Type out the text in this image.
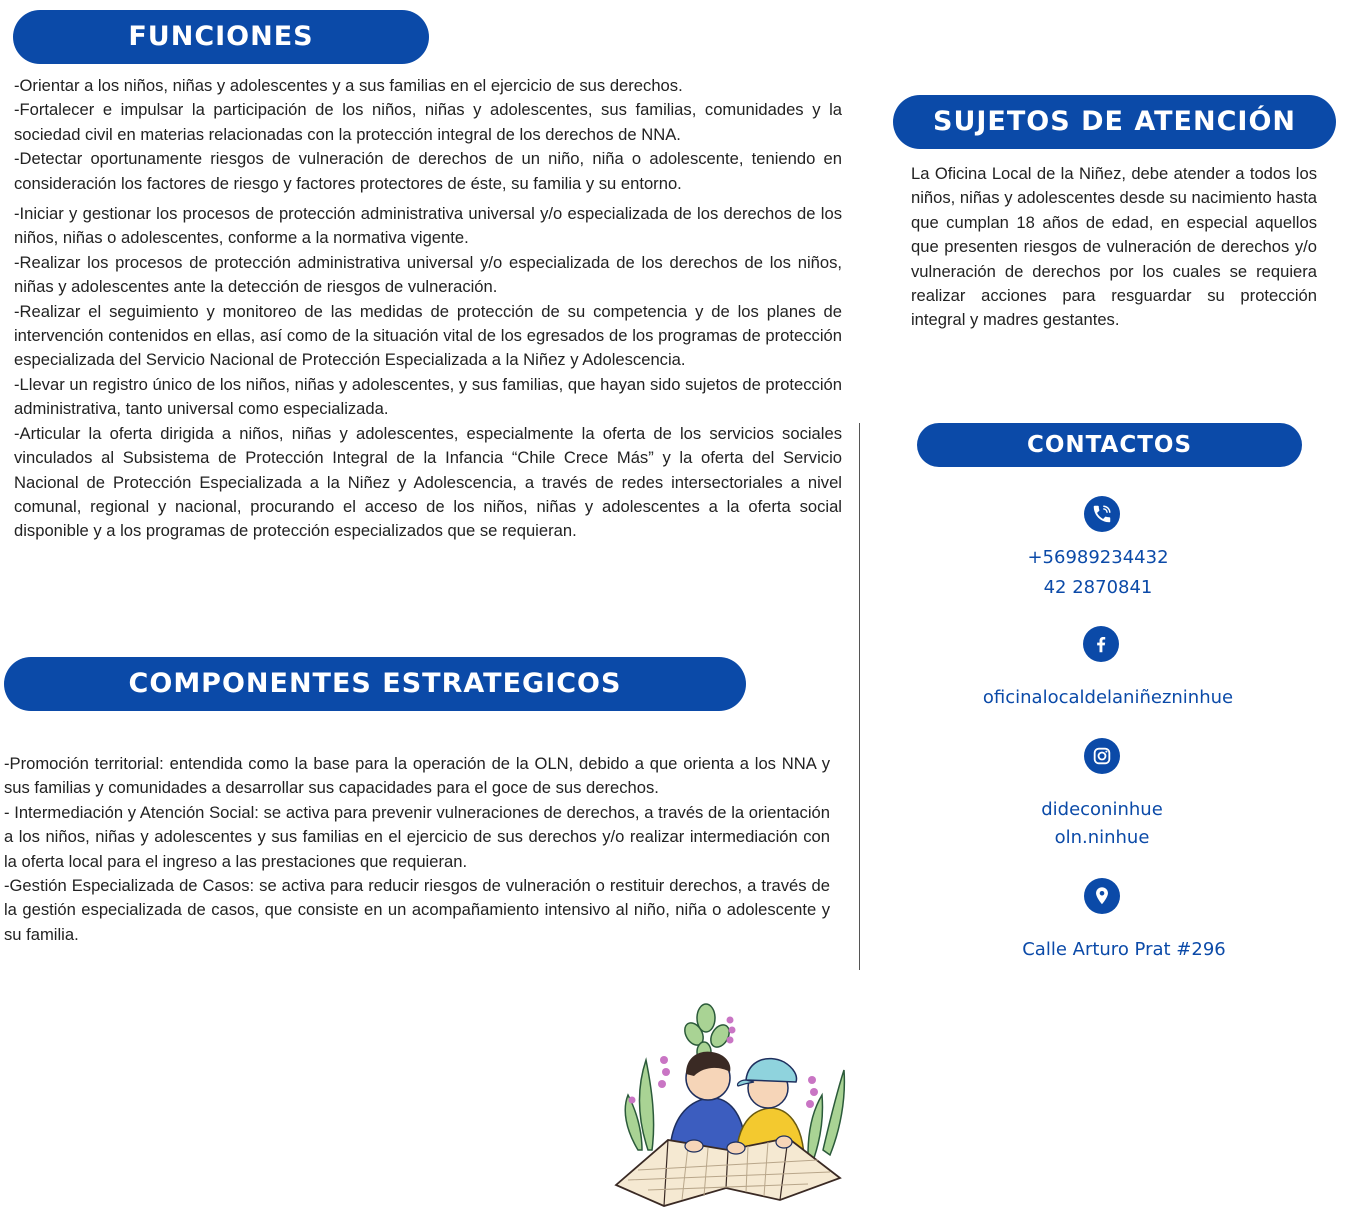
FUNCIONES

-Orientar a los niños, niñas y adolescentes y a sus familias en el ejercicio de sus derechos.

-Fortalecer e impulsar la participación de los niños, niñas y adolescentes, sus familias, comunidades y la sociedad civil en materias relacionadas con la protección integral de los derechos de NNA.

-Detectar oportunamente riesgos de vulneración de derechos de un niño, niña o adolescente, teniendo en consideración los factores de riesgo y factores protectores de éste, su familia y su entorno.

-Iniciar y gestionar los procesos de protección administrativa universal y/o especializada de los derechos de los niños, niñas o adolescentes, conforme a la normativa vigente.

-Realizar los procesos de protección administrativa universal y/o especializada de los derechos de los niños, niñas y adolescentes ante la detección de riesgos de vulneración.

-Realizar el seguimiento y monitoreo de las medidas de protección de su competencia y de los planes de intervención contenidos en ellas, así como de la situación vital de los egresados de los programas de protección especializada del Servicio Nacional de Protección Especializada a la Niñez y Adolescencia.

-Llevar un registro único de los niños, niñas y adolescentes, y sus familias, que hayan sido sujetos de protección administrativa, tanto universal como especializada.

-Articular la oferta dirigida a niños, niñas y adolescentes, especialmente la oferta de los servicios sociales vinculados al Subsistema de Protección Integral de la Infancia “Chile Crece Más” y la oferta del Servicio Nacional de Protección Especializada a la Niñez y Adolescencia, a través de redes intersectoriales a nivel comunal, regional y nacional, procurando el acceso de los niños, niñas y adolescentes a la oferta social disponible y a los programas de protección especializados que se requieran.

COMPONENTES ESTRATEGICOS

-Promoción territorial: entendida como la base para la operación de la OLN, debido a que orienta a los NNA y sus familias y comunidades a desarrollar sus capacidades para el goce de sus derechos.

- Intermediación y Atención Social: se activa para prevenir vulneraciones de derechos, a través de la orientación a los niños, niñas y adolescentes y sus familias en el ejercicio de sus derechos y/o realizar intermediación con la oferta local para el ingreso a las prestaciones que requieran.

-Gestión Especializada de Casos: se activa para reducir riesgos de vulneración o restituir derechos, a través de la gestión especializada de casos, que consiste en un acompañamiento intensivo al niño, niña o adolescente y su familia.

SUJETOS DE ATENCIÓN

La Oficina Local de la Niñez, debe atender a todos los niños, niñas y adolescentes desde su nacimiento hasta que cumplan 18 años de edad, en especial aquellos que presenten riesgos de vulneración de derechos y/o vulneración de derechos por los cuales se requiera realizar acciones para resguardar su protección integral y madres gestantes.

CONTACTOS
+56989234432
42 2870841
oficinalocaldelaniñezninhue
dideconinhue
oln.ninhue
Calle Arturo Prat #296
